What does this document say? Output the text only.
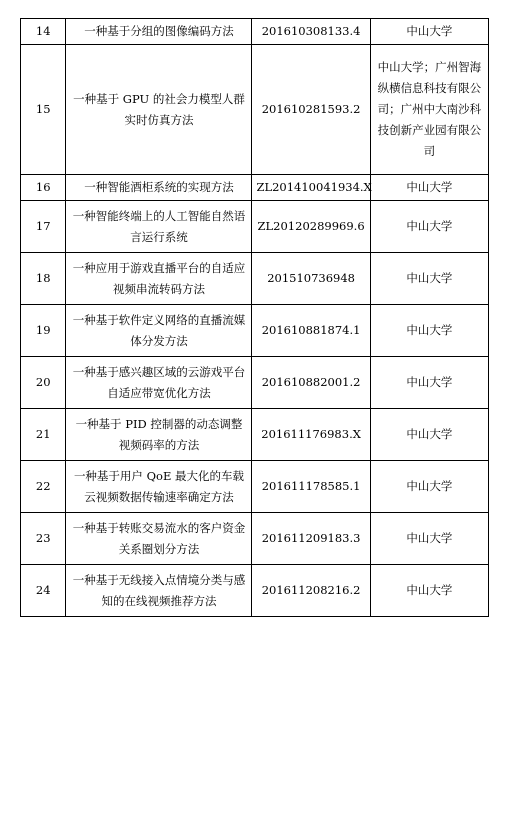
14	一种基于分组的图像编码方法	201610308133.4	中山大学

15	一种基于 GPU 的社会力模型人群实时仿真方法	201610281593.2	中山大学；广州智海纵横信息科技有限公司；广州中大南沙科技创新产业园有限公司

16	一种智能酒柜系统的实现方法	ZL201410041934.X	中山大学

17	一种智能终端上的人工智能自然语言运行系统	ZL20120289969.6	中山大学

18	一种应用于游戏直播平台的自适应视频串流转码方法	201510736948	中山大学

19	一种基于软件定义网络的直播流媒体分发方法	201610881874.1	中山大学

20	一种基于感兴趣区域的云游戏平台自适应带宽优化方法	201610882001.2	中山大学

21	一种基于 PID 控制器的动态调整视频码率的方法	201611176983.X	中山大学

22	一种基于用户 QoE 最大化的车载云视频数据传输速率确定方法	201611178585.1	中山大学

23	一种基于转账交易流水的客户资金关系圈划分方法	201611209183.3	中山大学

24	一种基于无线接入点情境分类与感知的在线视频推荐方法	201611208216.2	中山大学
